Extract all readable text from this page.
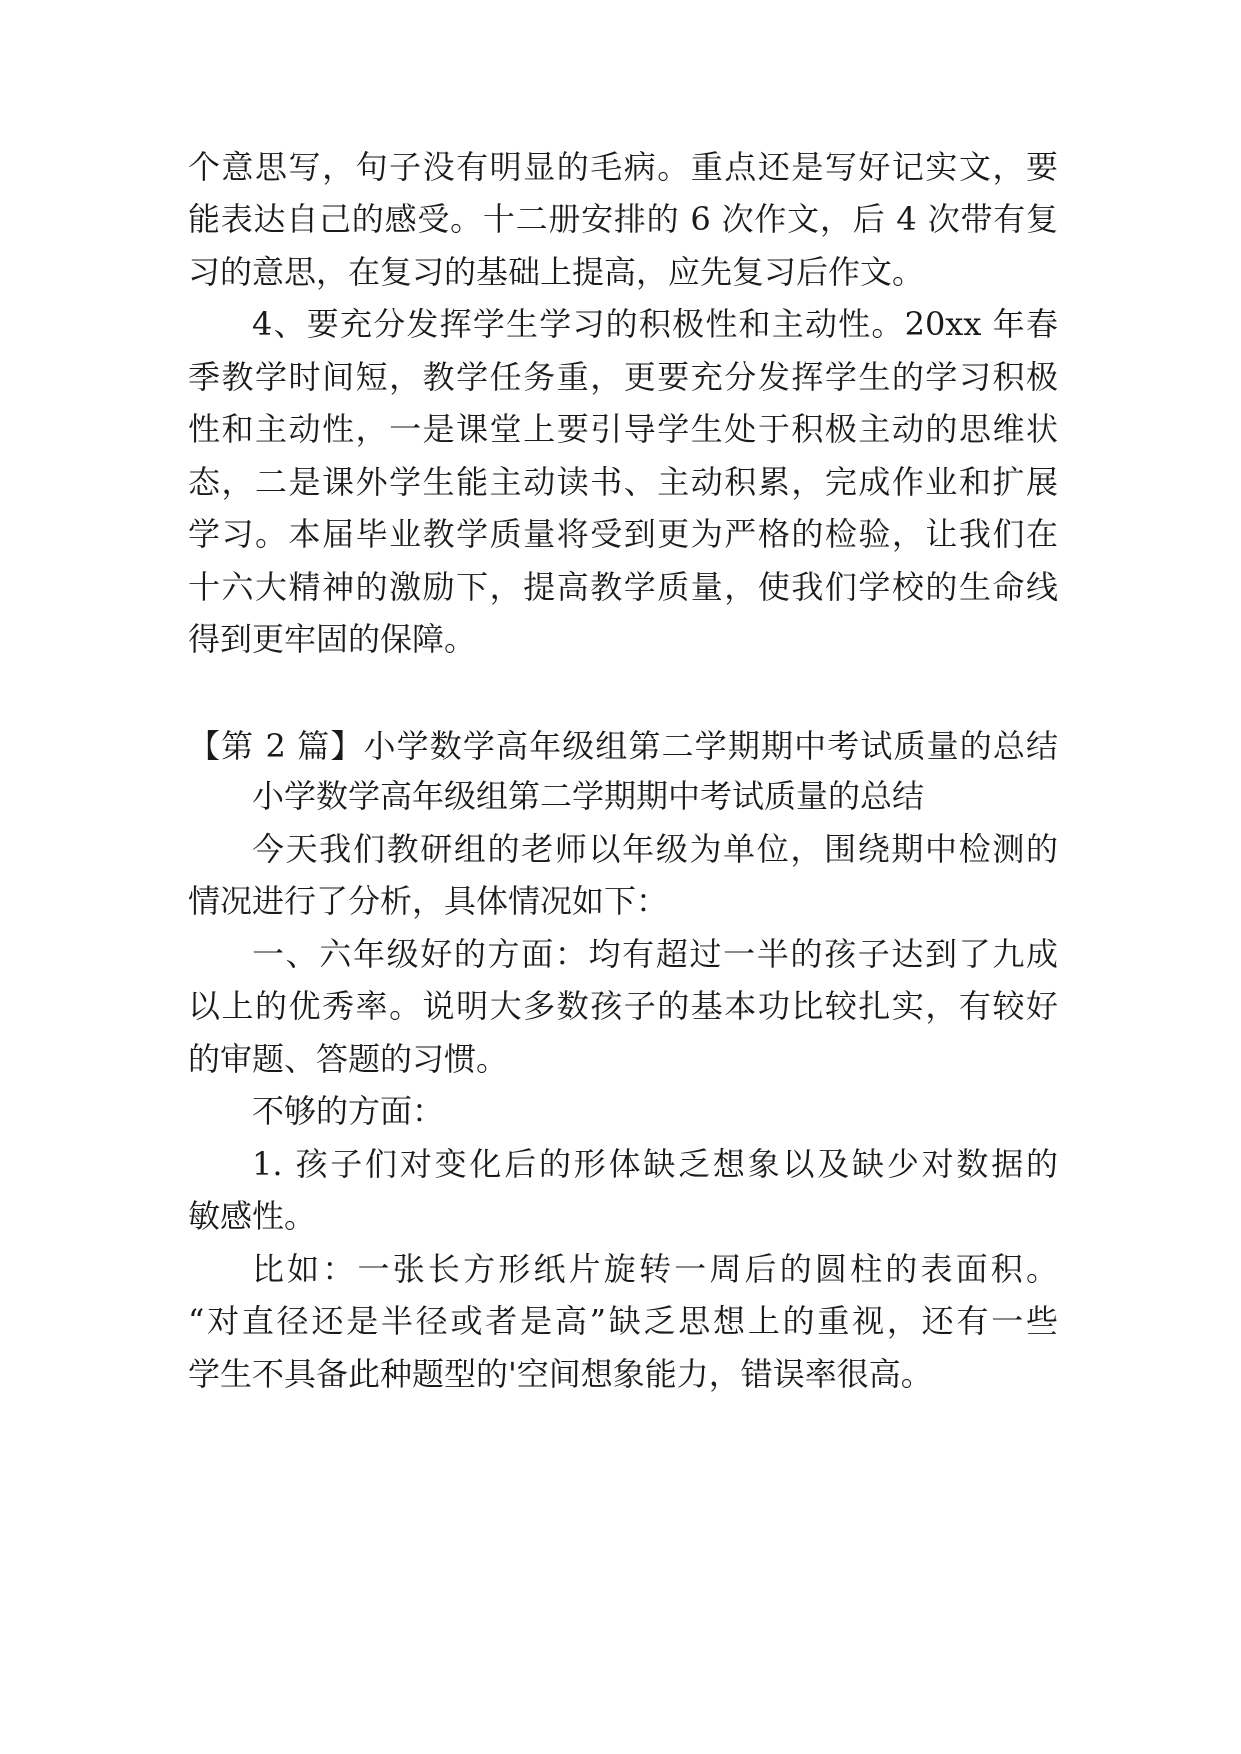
个意思写，句子没有明显的毛病。重点还是写好记实文，要
能表达自己的感受。十二册安排的 6 次作文，后 4 次带有复
习的意思，在复习的基础上提高，应先复习后作文。
4、要充分发挥学生学习的积极性和主动性。20xx 年春
季教学时间短，教学任务重，更要充分发挥学生的学习积极
性和主动性，一是课堂上要引导学生处于积极主动的思维状
态，二是课外学生能主动读书、主动积累，完成作业和扩展
学习。本届毕业教学质量将受到更为严格的检验，让我们在
十六大精神的激励下，提高教学质量，使我们学校的生命线
得到更牢固的保障。
【第 2 篇】小学数学高年级组第二学期期中考试质量的总结
小学数学高年级组第二学期期中考试质量的总结
今天我们教研组的老师以年级为单位，围绕期中检测的
情况进行了分析，具体情况如下：
一、六年级好的方面：均有超过一半的孩子达到了九成
以上的优秀率。说明大多数孩子的基本功比较扎实，有较好
的审题、答题的习惯。
不够的方面：
1. 孩子们对变化后的形体缺乏想象以及缺少对数据的
敏感性。
比如：一张长方形纸片旋转一周后的圆柱的表面积。
“对直径还是半径或者是高”缺乏思想上的重视，还有一些
学生不具备此种题型的'空间想象能力，错误率很高。
